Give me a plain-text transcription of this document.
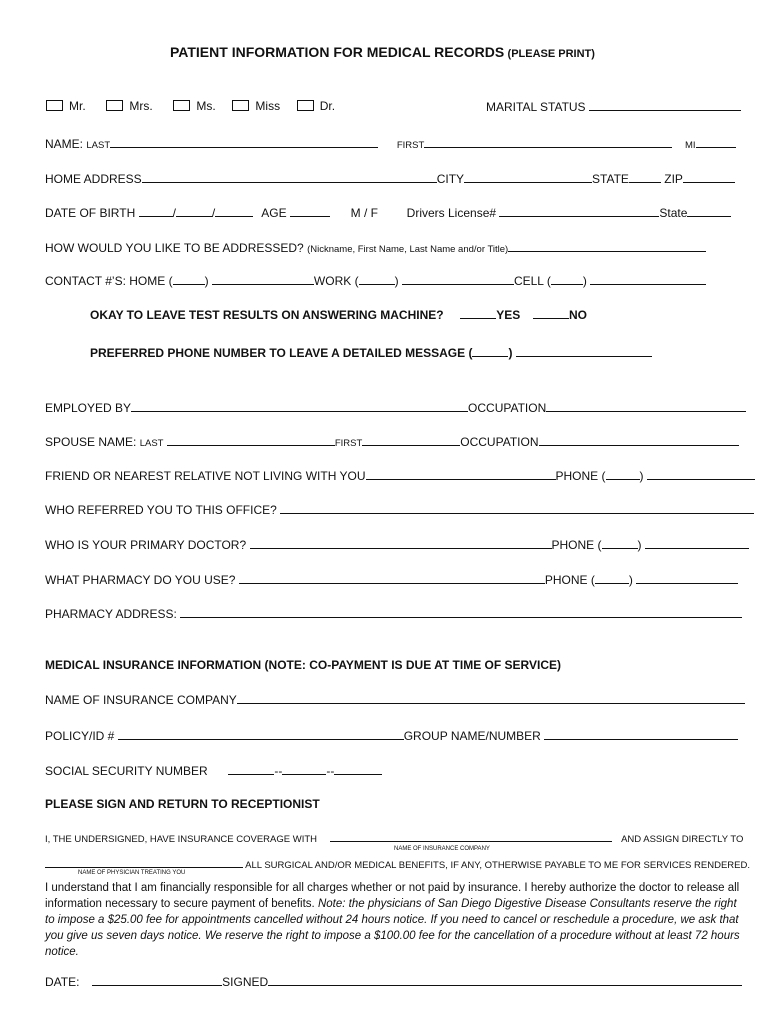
PATIENT INFORMATION FOR MEDICAL RECORDS (PLEASE PRINT)
Mr.	Mrs.	Ms.	Miss	Dr.	MARITAL STATUS
NAME: LAST	FIRST	MI
HOME ADDRESS	CITY	STATE	ZIP
DATE OF BIRTH	/	/	AGE	M / F Drivers License#	State
HOW WOULD YOU LIKE TO BE ADDRESSED? (Nickname, First Name, Last Name and/or Title)
CONTACT #’S: HOME (	)	WORK (	)	CELL (	)
OKAY TO LEAVE TEST RESULTS ON ANSWERING MACHINE?	YES	NO
PREFERRED PHONE NUMBER TO LEAVE A DETAILED MESSAGE (	)
EMPLOYED BY	OCCUPATION
SPOUSE NAME: LAST	FIRST	OCCUPATION
FRIEND OR NEAREST RELATIVE NOT LIVING WITH YOU	PHONE (	)
WHO REFERRED YOU TO THIS OFFICE?
WHO IS YOUR PRIMARY DOCTOR?	PHONE (	)
WHAT PHARMACY DO YOU USE?	PHONE (	)
PHARMACY ADDRESS:
MEDICAL INSURANCE INFORMATION (NOTE: CO-PAYMENT IS DUE AT TIME OF SERVICE)
NAME OF INSURANCE COMPANY
POLICY/ID #	GROUP NAME/NUMBER
SOCIAL SECURITY NUMBER	--	--
PLEASE SIGN AND RETURN TO RECEPTIONIST
I, THE UNDERSIGNED, HAVE INSURANCE COVERAGE WITH	AND ASSIGN DIRECTLY TO
NAME OF INSURANCE COMPANY
ALL SURGICAL AND/OR MEDICAL BENEFITS, IF ANY, OTHERWISE PAYABLE TO ME FOR SERVICES RENDERED.
NAME OF PHYSICIAN TREATING YOU
I understand that I am financially responsible for all charges whether or not paid by insurance. I hereby authorize the doctor to release all information necessary to secure payment of benefits. Note: the physicians of San Diego Digestive Disease Consultants reserve the right to impose a $25.00 fee for appointments cancelled without 24 hours notice. If you need to cancel or reschedule a procedure, we ask that you give us seven days notice. We reserve the right to impose a $100.00 fee for the cancellation of a procedure without at least 72 hours notice.
DATE:	SIGNED
